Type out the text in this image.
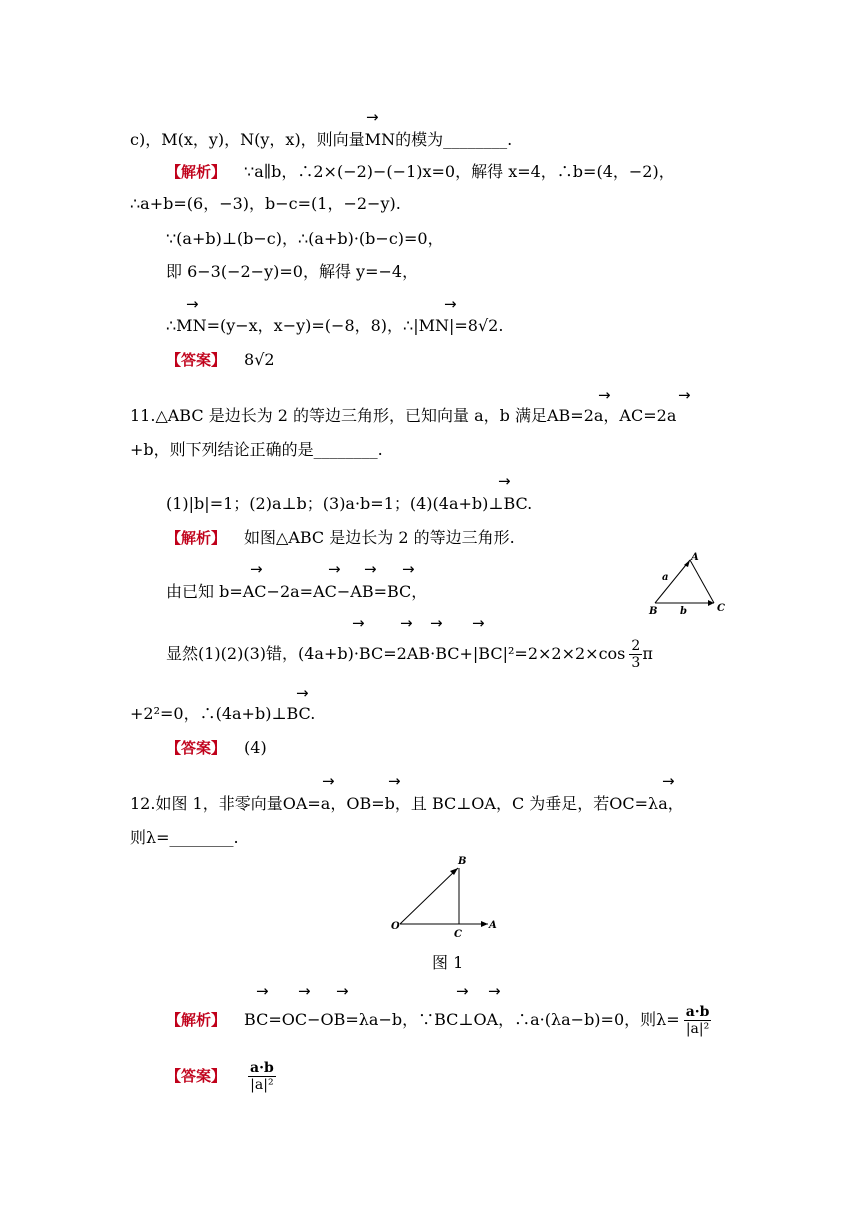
→
c)，M(x，y)，N(y，x)，则向量MN的模为________.
【解析】 ∵a∥b，∴2×(−2)−(−1)x=0，解得 x=4，∴b=(4，−2)，
∴a+b=(6，−3)，b−c=(1，−2−y).
∵(a+b)⊥(b−c)，∴(a+b)·(b−c)=0，
即 6−3(−2−y)=0，解得 y=−4，
→	→
∴MN=(y−x，x−y)=(−8，8)，∴|MN|=8√2.
【答案】 8√2
→	→
11.△ABC 是边长为 2 的等边三角形，已知向量 a，b 满足AB=2a，AC=2a
+b，则下列结论正确的是________.
→
(1)|b|=1；(2)a⊥b；(3)a·b=1；(4)(4a+b)⊥BC.
【解析】 如图△ABC 是边长为 2 的等边三角形.
→	→ → →
由已知 b=AC−2a=AC−AB=BC，
A
B	C
a
b
→ → → →
显然(1)(2)(3)错，$(4a+b)\cdot BC=2AB\cdot BC+|BC|^2=2\times 2\times 2\times\cos \frac{2}{3}$ π
→
+2²=0，∴(4a+b)⊥BC.
【答案】 (4)
→	→	→
12.如图 1，非零向量OA=a，OB=b，且 BC⊥OA，C 为垂足，若OC=λa，
则λ=________.
O	A
B
C
图 1
→ → →	→ →
【解析】 BC=OC−OB=λa−b，∵BC⊥OA，∴a·(λa−b)=0，则$\lambda= \frac{a\cdot b}{\text{|a|²}}$
【答案】 $\frac{a\cdot b}{\text{|a|²}}$
